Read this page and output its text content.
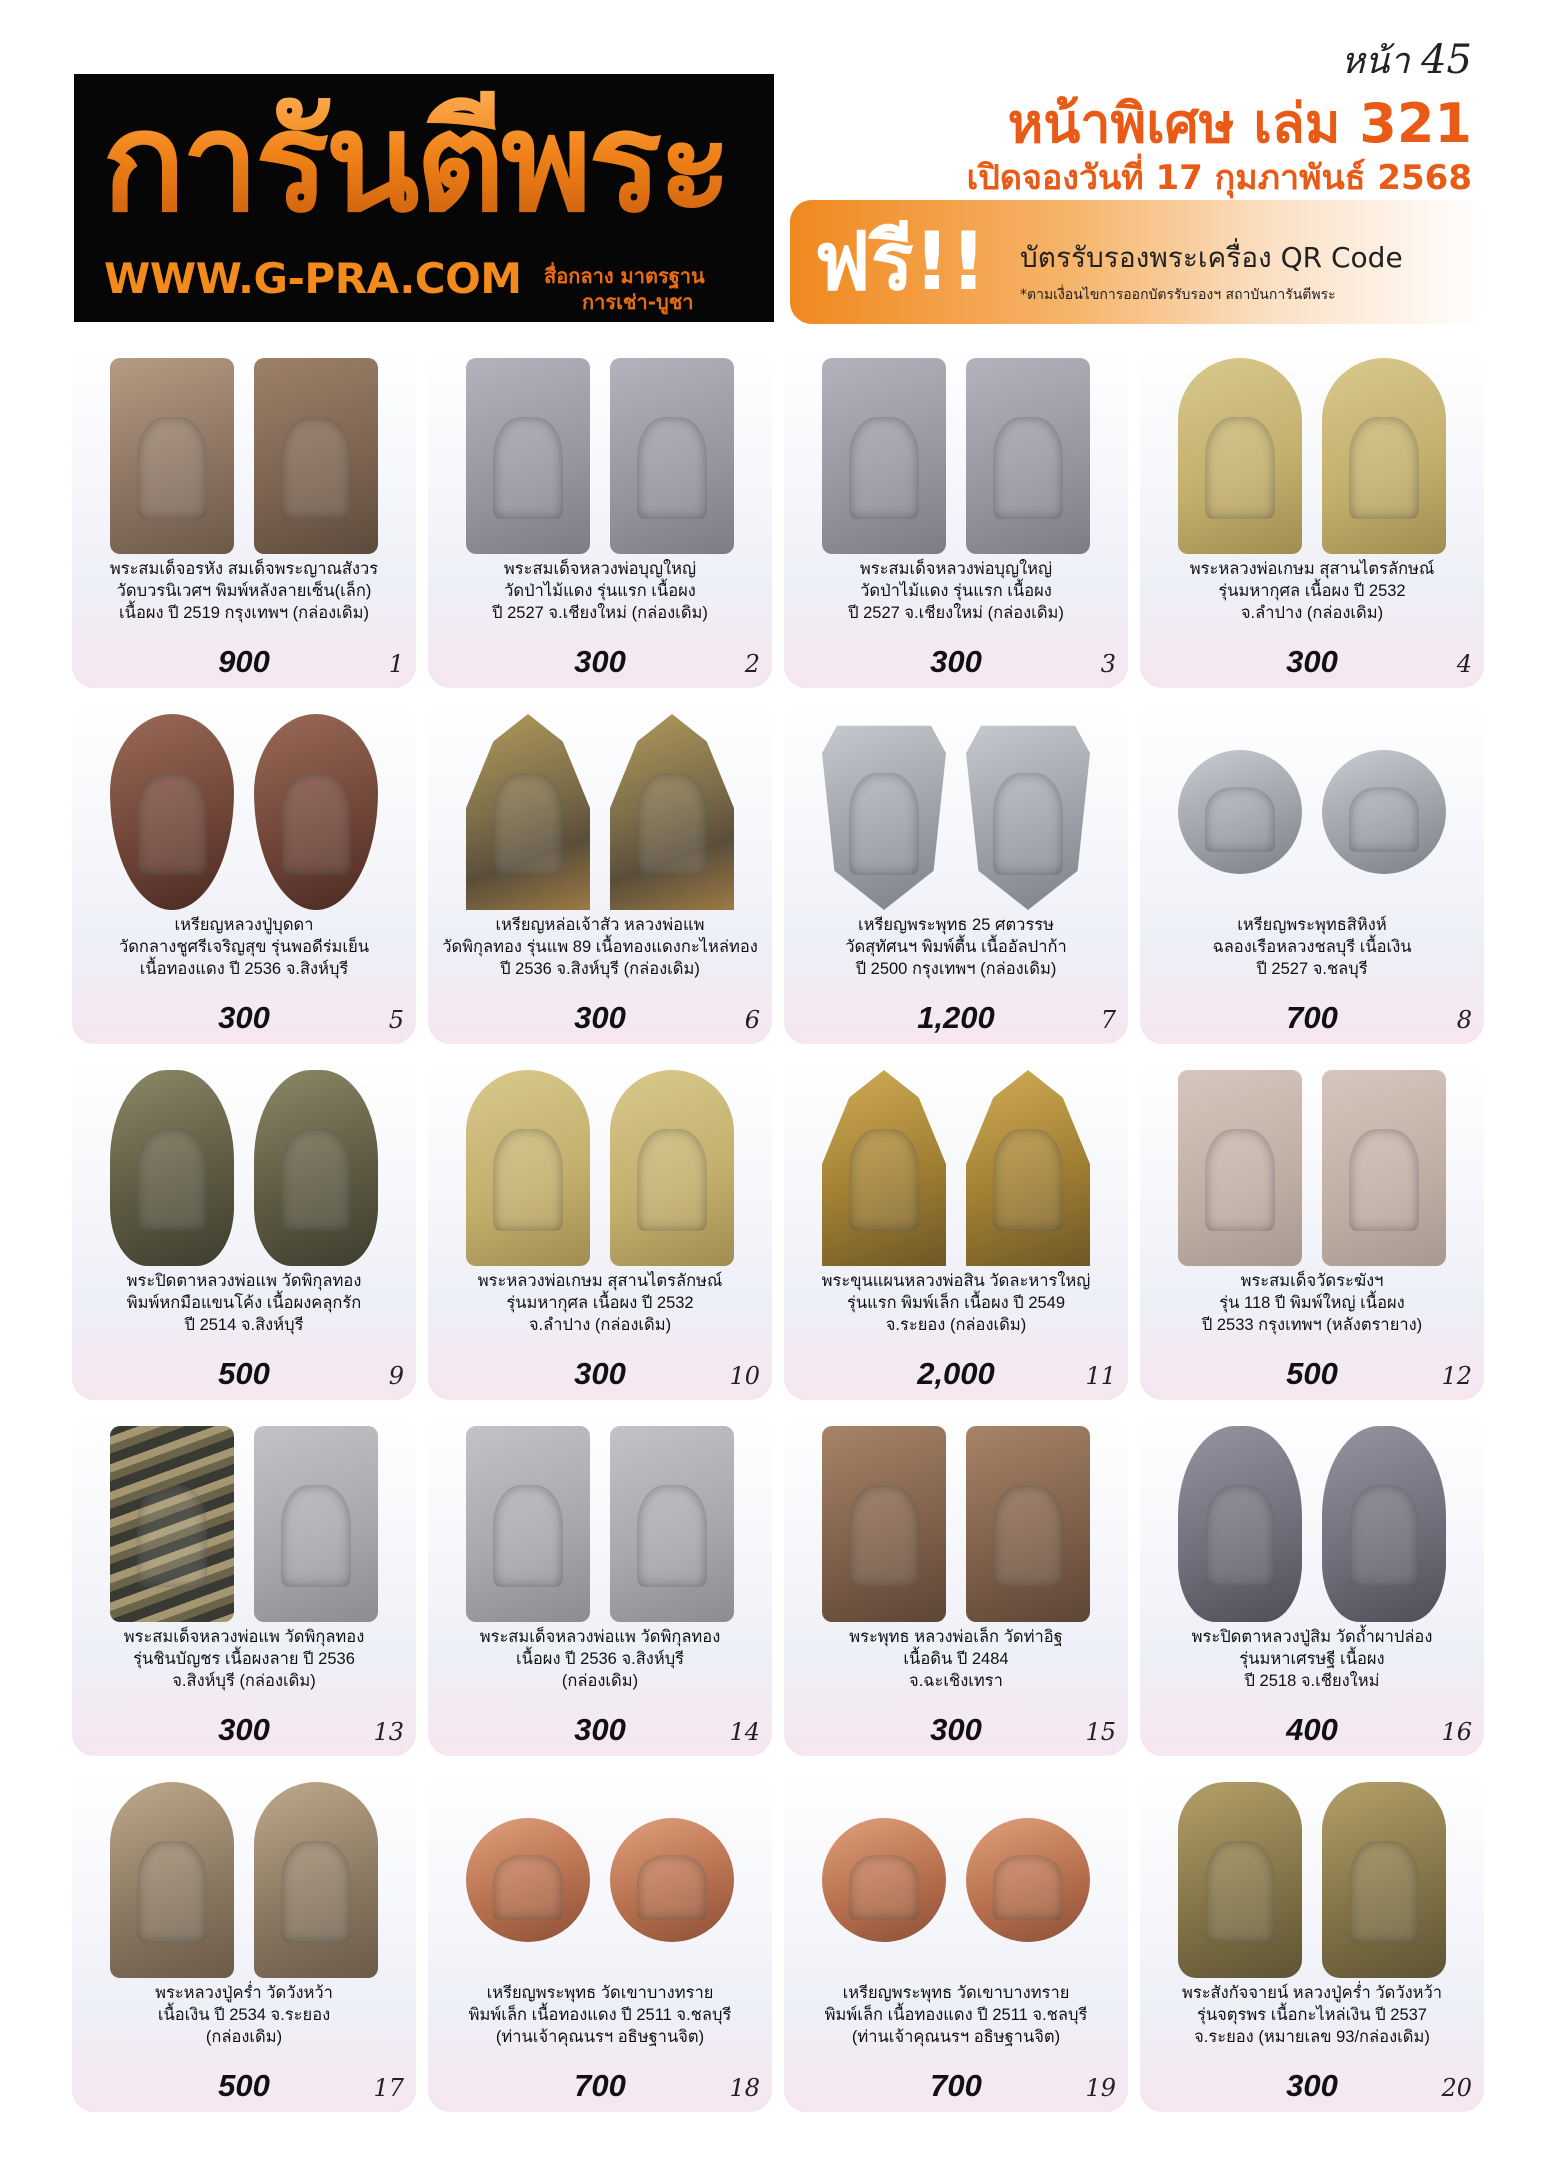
การันตีพระ
WWW.G-PRA.COM สื่อกลาง มาตรฐาน
การเช่า-บูชา
หน้า 45
หน้าพิเศษ เล่ม 321
เปิดจองวันที่ 17 กุมภาพันธ์ 2568
ฟรี!! บัตรรับรองพระเครื่อง QR Code
*ตามเงื่อนไขการออกบัตรรับรองฯ สถาบันการันตีพระ
พระสมเด็จอรหัง สมเด็จพระญาณสังวร
วัดบวรนิเวศฯ พิมพ์หลังลายเซ็น(เล็ก)
เนื้อผง ปี 2519 กรุงเทพฯ (กล่องเดิม)
900	1
พระสมเด็จหลวงพ่อบุญใหญ่
วัดป่าไม้แดง รุ่นแรก เนื้อผง
ปี 2527 จ.เชียงใหม่ (กล่องเดิม)
300	2
พระสมเด็จหลวงพ่อบุญใหญ่
วัดป่าไม้แดง รุ่นแรก เนื้อผง
ปี 2527 จ.เชียงใหม่ (กล่องเดิม)
300	3
พระหลวงพ่อเกษม สุสานไตรลักษณ์
รุ่นมหากุศล เนื้อผง ปี 2532
จ.ลำปาง (กล่องเดิม)
300	4
เหรียญหลวงปู่บุดดา
วัดกลางชูศรีเจริญสุข รุ่นพอดีร่มเย็น
เนื้อทองแดง ปี 2536 จ.สิงห์บุรี
300	5
เหรียญหล่อเจ้าสัว หลวงพ่อแพ
วัดพิกุลทอง รุ่นแพ 89 เนื้อทองแดงกะไหล่ทอง
ปี 2536 จ.สิงห์บุรี (กล่องเดิม)
300	6
เหรียญพระพุทธ 25 ศตวรรษ
วัดสุทัศนฯ พิมพ์ตื้น เนื้ออัลปาก้า
ปี 2500 กรุงเทพฯ (กล่องเดิม)
1,200	7
เหรียญพระพุทธสิหิงห์
ฉลองเรือหลวงชลบุรี เนื้อเงิน
ปี 2527 จ.ชลบุรี
700	8
พระปิดตาหลวงพ่อแพ วัดพิกุลทอง
พิมพ์หกมือแขนโค้ง เนื้อผงคลุกรัก
ปี 2514 จ.สิงห์บุรี
500	9
พระหลวงพ่อเกษม สุสานไตรลักษณ์
รุ่นมหากุศล เนื้อผง ปี 2532
จ.ลำปาง (กล่องเดิม)
300	10
พระขุนแผนหลวงพ่อสิน วัดละหารใหญ่
รุ่นแรก พิมพ์เล็ก เนื้อผง ปี 2549
จ.ระยอง (กล่องเดิม)
2,000	11
พระสมเด็จวัดระฆังฯ
รุ่น 118 ปี พิมพ์ใหญ่ เนื้อผง
ปี 2533 กรุงเทพฯ (หลังตรายาง)
500	12
พระสมเด็จหลวงพ่อแพ วัดพิกุลทอง
รุ่นชินบัญชร เนื้อผงลาย ปี 2536
จ.สิงห์บุรี (กล่องเดิม)
300	13
พระสมเด็จหลวงพ่อแพ วัดพิกุลทอง
เนื้อผง ปี 2536 จ.สิงห์บุรี
(กล่องเดิม)
300	14
พระพุทธ หลวงพ่อเล็ก วัดท่าอิฐ
เนื้อดิน ปี 2484
จ.ฉะเชิงเทรา
300	15
พระปิดตาหลวงปู่สิม วัดถ้ำผาปล่อง
รุ่นมหาเศรษฐี เนื้อผง
ปี 2518 จ.เชียงใหม่
400	16
พระหลวงปู่คร่ำ วัดวังหว้า
เนื้อเงิน ปี 2534 จ.ระยอง
(กล่องเดิม)
500	17
เหรียญพระพุทธ วัดเขาบางทราย
พิมพ์เล็ก เนื้อทองแดง ปี 2511 จ.ชลบุรี
(ท่านเจ้าคุณนรฯ อธิษฐานจิต)
700	18
เหรียญพระพุทธ วัดเขาบางทราย
พิมพ์เล็ก เนื้อทองแดง ปี 2511 จ.ชลบุรี
(ท่านเจ้าคุณนรฯ อธิษฐานจิต)
700	19
พระสังกัจจายน์ หลวงปู่คร่ำ วัดวังหว้า
รุ่นจตุรพร เนื้อกะไหล่เงิน ปี 2537
จ.ระยอง (หมายเลข 93/กล่องเดิม)
300	20
